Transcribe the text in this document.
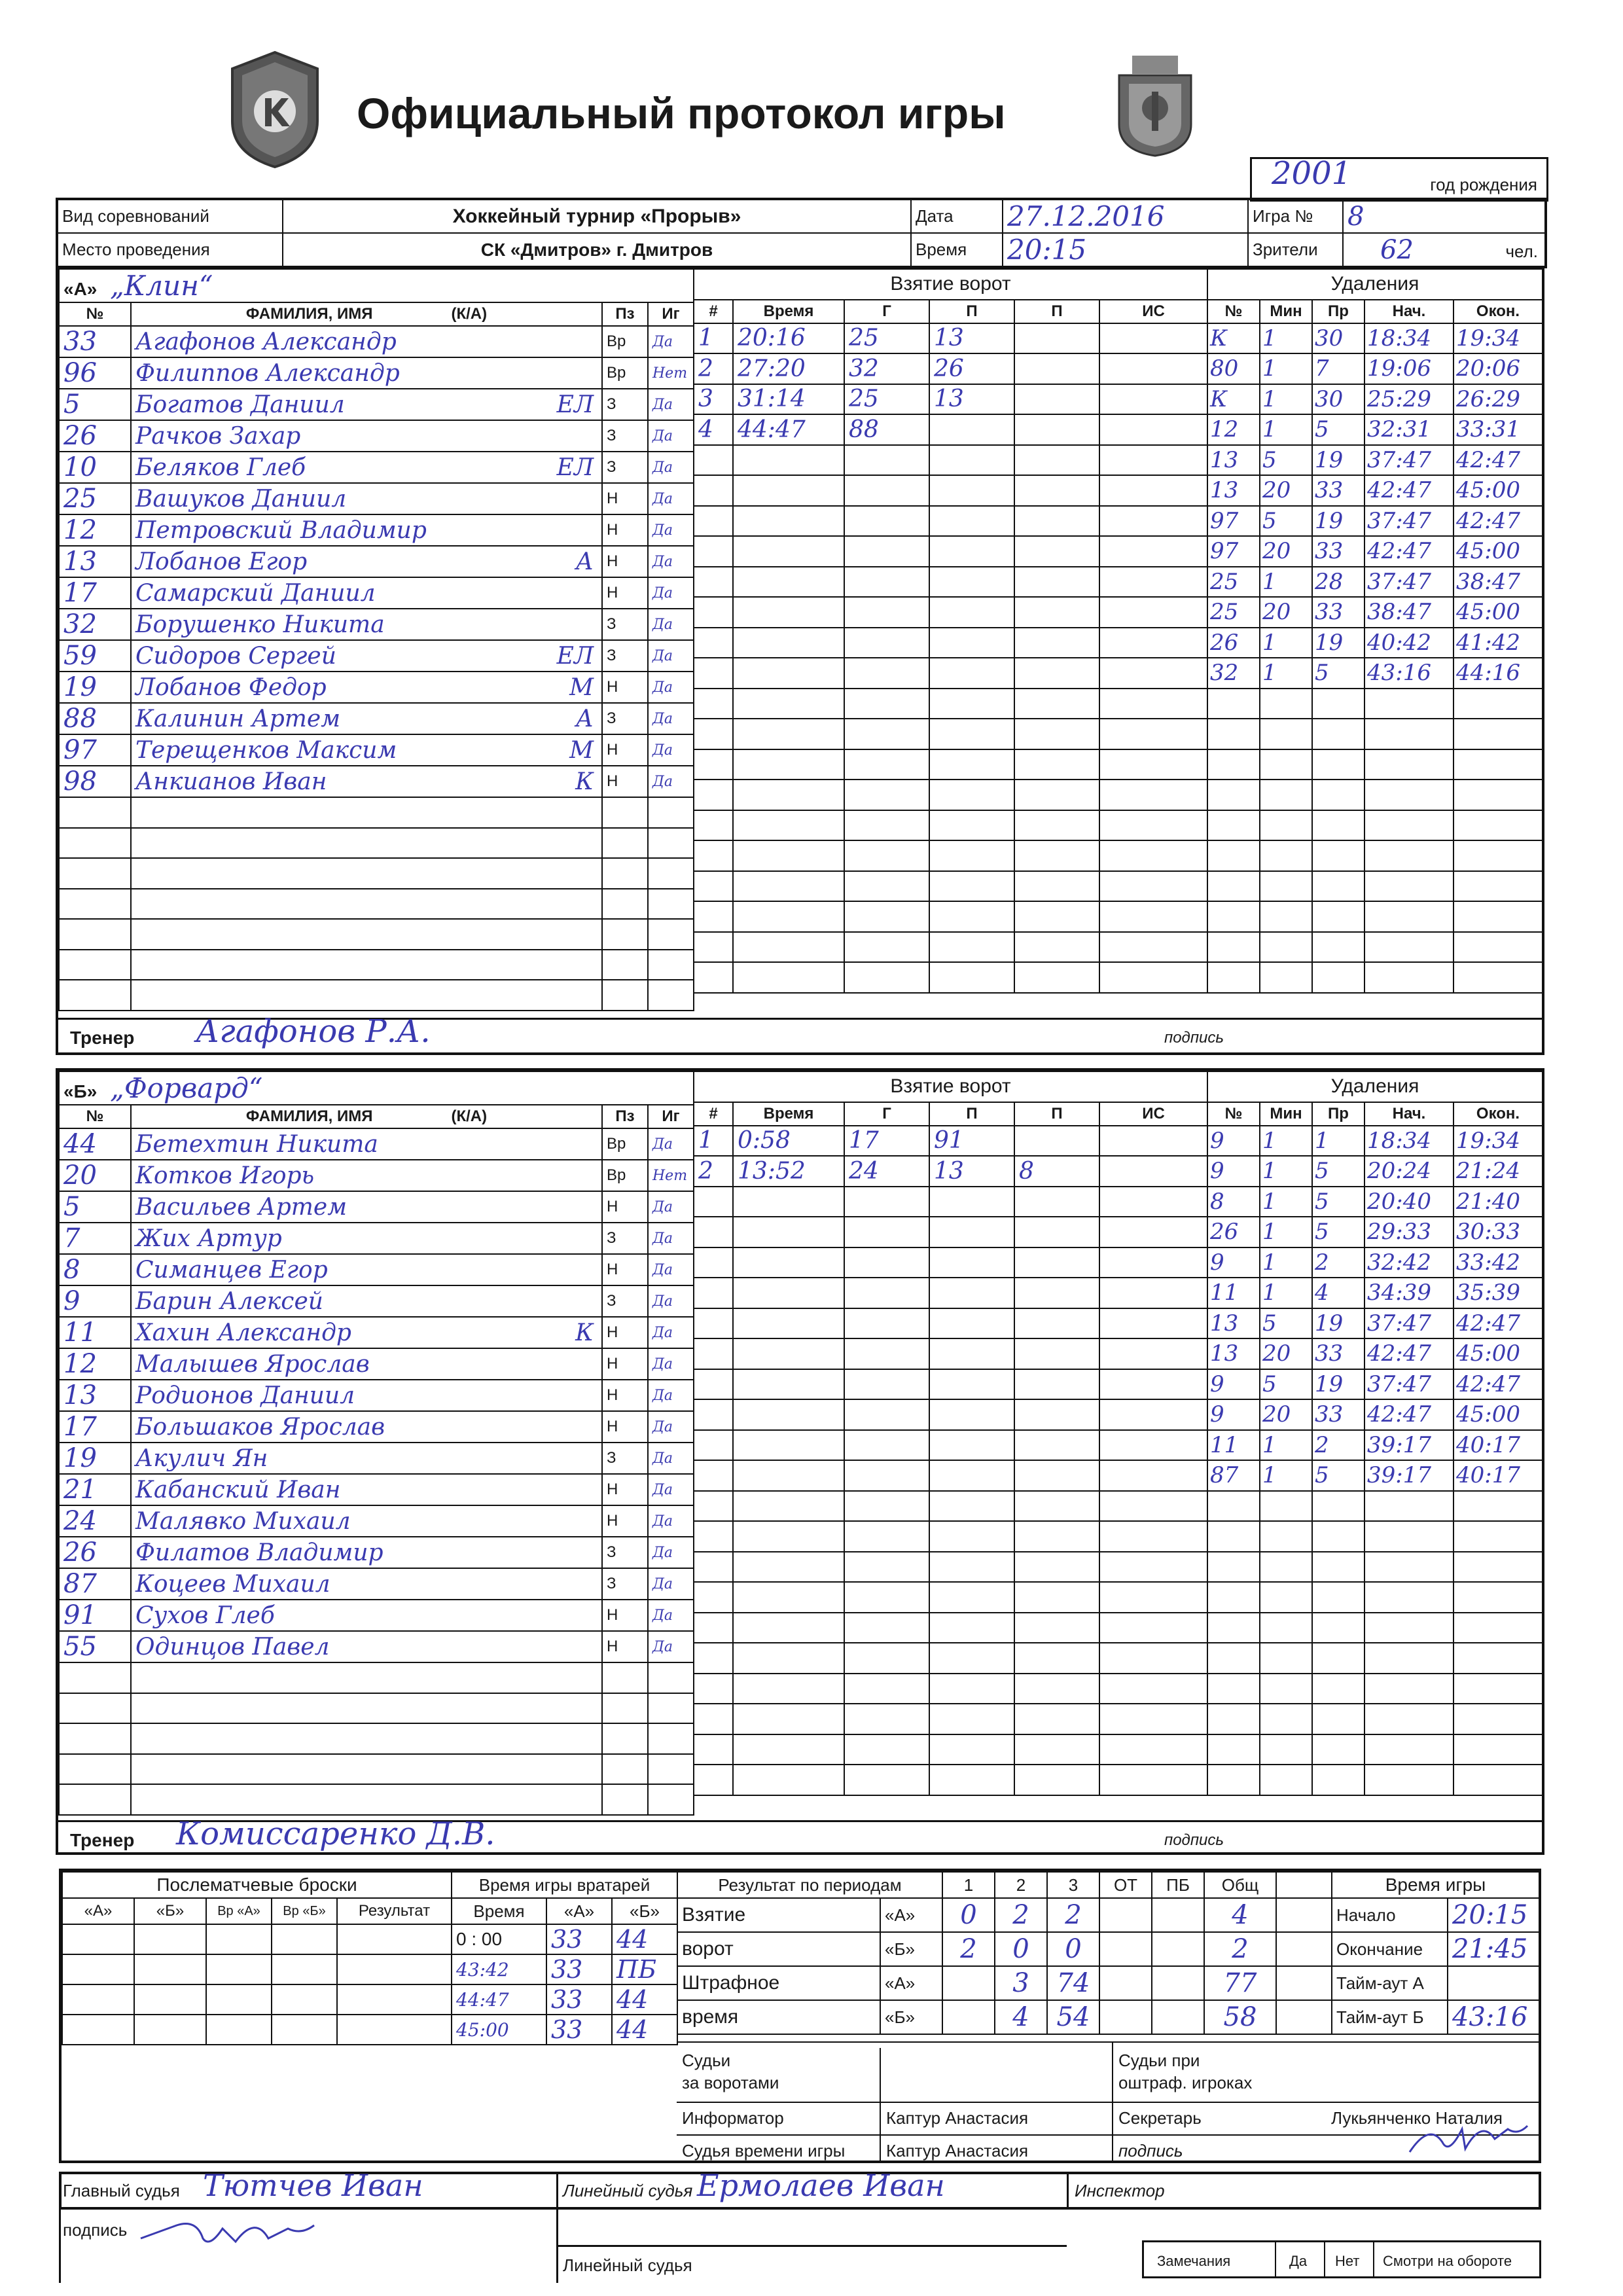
Официальный протокол игры
2001	год рождения
Вид соревнований	Хоккейный турнир «Прорыв»	Дата	27.12.2016	Игра №	8
Место проведения	СК «Дмитров» г. Дмитров	Время	20:15	Зрители	62 чел.
«А» „Клин“			
№	ФАМИЛИЯ, ИМЯ (К/А)	Пз	Иг
33	Агафонов Александр	Вр	Да
96	Филиппов Александр	Вр	Нет
5	Богатов Даниил ЕЛ	З	Да
26	Рачков Захар	З	Да
10	Беляков Глеб ЕЛ	З	Да
25	Вашуков Даниил	Н	Да
12	Петровский Владимир	Н	Да
13	Лобанов Егор А	Н	Да
17	Самарский Даниил	Н	Да
32	Борушенко Никита	З	Да
59	Сидоров Сергей ЕЛ	З	Да
19	Лобанов Федор М	Н	Да
88	Калинин Артем А	З	Да
97	Терещенков Максим М	Н	Да
98	Анкианов Иван К	Н	Да

Взятие ворот					
#	Время	Г	П	П	ИС
1	20:16	25	13		
2	27:20	32	26		
3	31:14	25	13		
4	44:47	88			

Удаления				
№	Мин	Пр	Нач.	Окон.
К	1	30	18:34	19:34
80	1	7	19:06	20:06
К	1	30	25:29	26:29
12	1	5	32:31	33:31
13	5	19	37:47	42:47
13	20	33	42:47	45:00
97	5	19	37:47	42:47
97	20	33	42:47	45:00
25	1	28	37:47	38:47
25	20	33	38:47	45:00
26	1	19	40:42	41:42
32	1	5	43:16	44:16

Тренер Агафонов Р.А.	подпись
«Б» „Форвард“			
№	ФАМИЛИЯ, ИМЯ (К/А)	Пз	Иг
44	Бетехтин Никита	Вр	Да
20	Котков Игорь	Вр	Нет
5	Васильев Артем	Н	Да
7	Жих Артур	З	Да
8	Симанцев Егор	Н	Да
9	Барин Алексей	З	Да
11	Хахин Александр К	Н	Да
12	Малышев Ярослав	Н	Да
13	Родионов Даниил	Н	Да
17	Большаков Ярослав	Н	Да
19	Акулич Ян	З	Да
21	Кабанский Иван	Н	Да
24	Малявко Михаил	Н	Да
26	Филатов Владимир	З	Да
87	Коцеев Михаил	З	Да
91	Сухов Глеб	Н	Да
55	Одинцов Павел	Н	Да

Взятие ворот					
#	Время	Г	П	П	ИС
1	0:58	17	91		
2	13:52	24	13	8	

Удаления				
№	Мин	Пр	Нач.	Окон.
9	1	1	18:34	19:34
9	1	5	20:24	21:24
8	1	5	20:40	21:40
26	1	5	29:33	30:33
9	1	2	32:42	33:42
11	1	4	34:39	35:39
13	5	19	37:47	42:47
13	20	33	42:47	45:00
9	5	19	37:47	42:47
9	20	33	42:47	45:00
11	1	2	39:17	40:17
87	1	5	39:17	40:17

Тренер Комиссаренко Д.В.	подпись
Послематчевые броски				
«А»	«Б»	Вр «А»	Вр «Б»	Результат

Время игры вратарей		
Время	«А»	«Б»
0 : 00	33	44
43:42	33	ПБ
44:47	33	44
45:00	33	44
Результат по периодам		1	2	3	ОТ	ПБ	Общ	
Взятие	«А»	0	2	2			4	
ворот	«Б»	2	0	0			2	
Штрафное	«А»		3	74			77	
время	«Б»		4	54			58	
Время игры	
Начало	20:15
Окончание	21:45
Тайм-аут А	
Тайм-аут Б	43:16
Судьи
за воротами
Судьи при
оштраф. игроках
Информатор	Каптур Анастасия	Секретарь	Лукьянченко Наталия
Судья времени игры Каптур Анастасия	подпись
Главный судья Тютчев Иван	Линейный судья Ермолаев Иван	Инспектор
подпись
Линейный судья	Замечания	Да Нет Смотри на обороте
